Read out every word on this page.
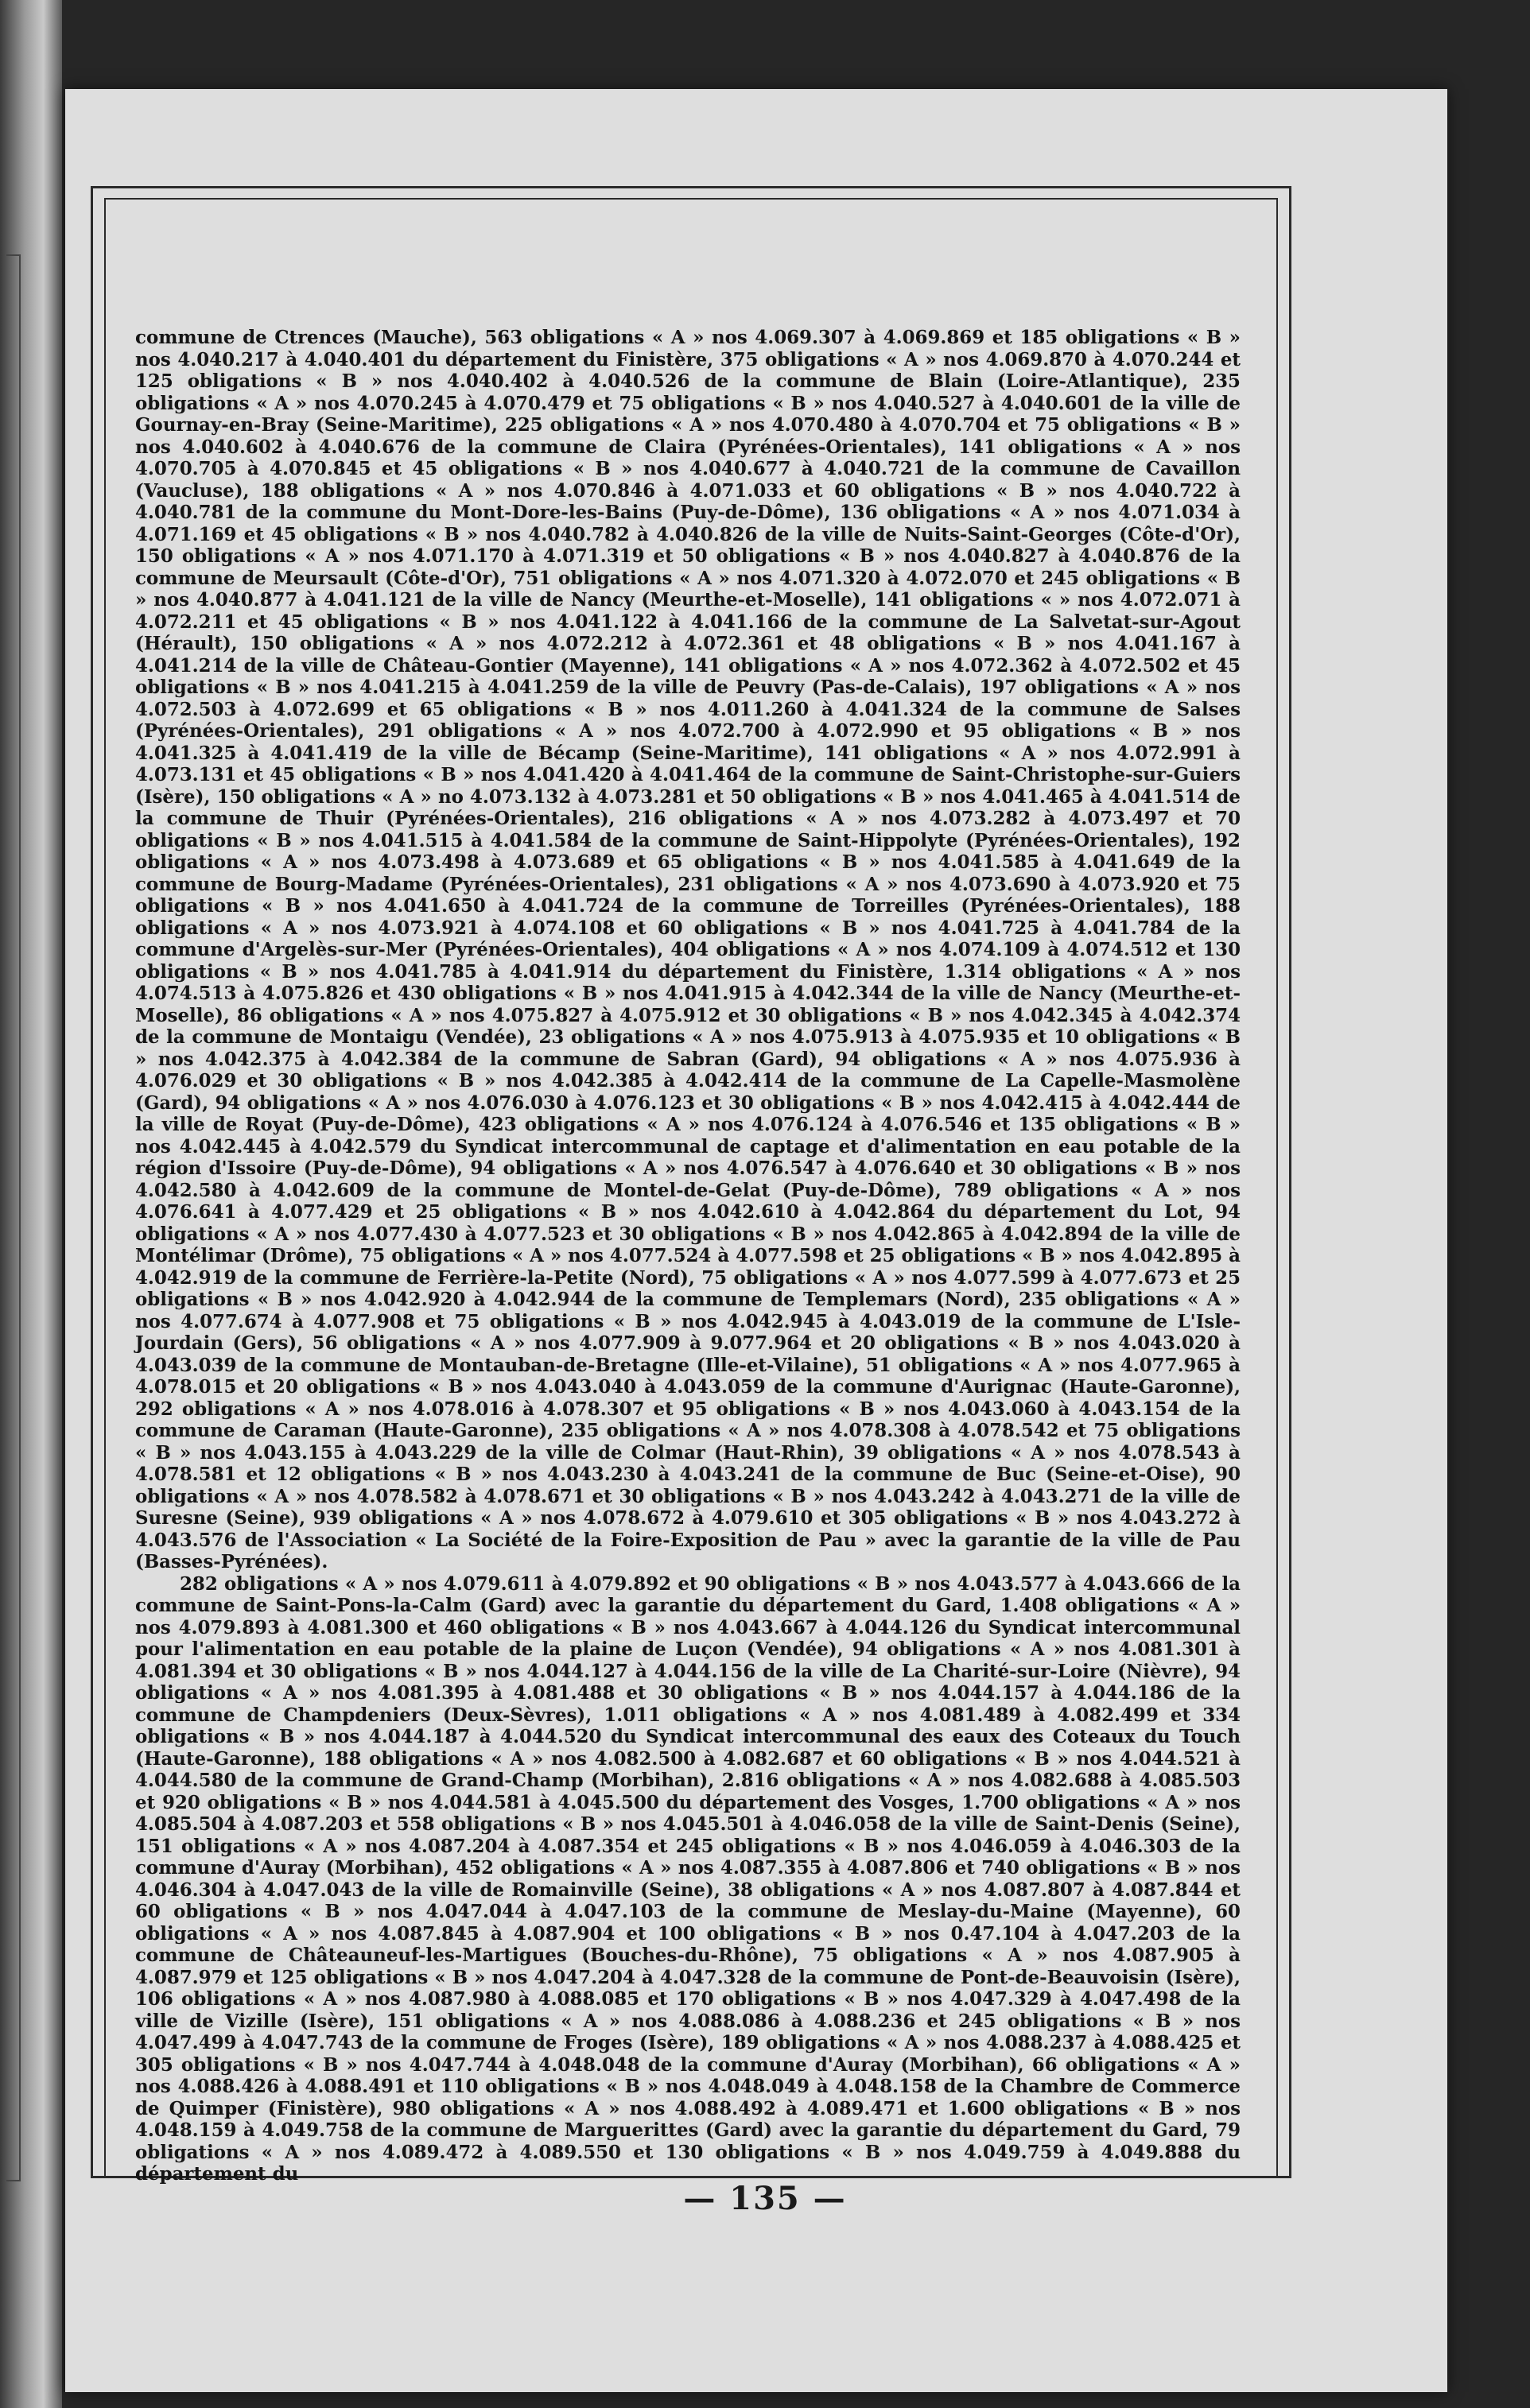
commune de Ctrences (Mauche), 563 obligations « A » nos 4.069.307 à 4.069.869 et 185 obligations « B » nos 4.040.217 à 4.040.401 du département du Finistère, 375 obligations « A » nos 4.069.870 à 4.070.244 et 125 obligations « B » nos 4.040.402 à 4.040.526 de la commune de Blain (Loire-Atlantique), 235 obligations « A » nos 4.070.245 à 4.070.479 et 75 obligations « B » nos 4.040.527 à 4.040.601 de la ville de Gournay-en-Bray (Seine-Maritime), 225 obligations « A » nos 4.070.480 à 4.070.704 et 75 obligations « B » nos 4.040.602 à 4.040.676 de la commune de Claira (Pyrénées-Orientales), 141 obligations « A » nos 4.070.705 à 4.070.845 et 45 obligations « B » nos 4.040.677 à 4.040.721 de la commune de Cavaillon (Vaucluse), 188 obligations « A » nos 4.070.846 à 4.071.033 et 60 obligations « B » nos 4.040.722 à 4.040.781 de la commune du Mont-Dore-les-Bains (Puy-de-Dôme), 136 obligations « A » nos 4.071.034 à 4.071.169 et 45 obligations « B » nos 4.040.782 à 4.040.826 de la ville de Nuits-Saint-Georges (Côte-d'Or), 150 obligations « A » nos 4.071.170 à 4.071.319 et 50 obligations « B » nos 4.040.827 à 4.040.876 de la commune de Meursault (Côte-d'Or), 751 obligations « A » nos 4.071.320 à 4.072.070 et 245 obligations « B » nos 4.040.877 à 4.041.121 de la ville de Nancy (Meurthe-et-Moselle), 141 obligations « » nos 4.072.071 à 4.072.211 et 45 obligations « B » nos 4.041.122 à 4.041.166 de la commune de La Salvetat-sur-Agout (Hérault), 150 obligations « A » nos 4.072.212 à 4.072.361 et 48 obligations « B » nos 4.041.167 à 4.041.214 de la ville de Château-Gontier (Mayenne), 141 obligations « A » nos 4.072.362 à 4.072.502 et 45 obligations « B » nos 4.041.215 à 4.041.259 de la ville de Peuvry (Pas-de-Calais), 197 obligations « A » nos 4.072.503 à 4.072.699 et 65 obligations « B » nos 4.011.260 à 4.041.324 de la commune de Salses (Pyrénées-Orientales), 291 obligations « A » nos 4.072.700 à 4.072.990 et 95 obligations « B » nos 4.041.325 à 4.041.419 de la ville de Bécamp (Seine-Maritime), 141 obligations « A » nos 4.072.991 à 4.073.131 et 45 obligations « B » nos 4.041.420 à 4.041.464 de la commune de Saint-Christophe-sur-Guiers (Isère), 150 obligations « A » no 4.073.132 à 4.073.281 et 50 obligations « B » nos 4.041.465 à 4.041.514 de la commune de Thuir (Pyrénées-Orientales), 216 obligations « A » nos 4.073.282 à 4.073.497 et 70 obligations « B » nos 4.041.515 à 4.041.584 de la commune de Saint-Hippolyte (Pyrénées-Orientales), 192 obligations « A » nos 4.073.498 à 4.073.689 et 65 obligations « B » nos 4.041.585 à 4.041.649 de la commune de Bourg-Madame (Pyrénées-Orientales), 231 obligations « A » nos 4.073.690 à 4.073.920 et 75 obligations « B » nos 4.041.650 à 4.041.724 de la commune de Torreilles (Pyrénées-Orientales), 188 obligations « A » nos 4.073.921 à 4.074.108 et 60 obligations « B » nos 4.041.725 à 4.041.784 de la commune d'Argelès-sur-Mer (Pyrénées-Orientales), 404 obligations « A » nos 4.074.109 à 4.074.512 et 130 obligations « B » nos 4.041.785 à 4.041.914 du département du Finistère, 1.314 obligations « A » nos 4.074.513 à 4.075.826 et 430 obligations « B » nos 4.041.915 à 4.042.344 de la ville de Nancy (Meurthe-et-Moselle), 86 obligations « A » nos 4.075.827 à 4.075.912 et 30 obligations « B » nos 4.042.345 à 4.042.374 de la commune de Montaigu (Vendée), 23 obligations « A » nos 4.075.913 à 4.075.935 et 10 obligations « B » nos 4.042.375 à 4.042.384 de la commune de Sabran (Gard), 94 obligations « A » nos 4.075.936 à 4.076.029 et 30 obligations « B » nos 4.042.385 à 4.042.414 de la commune de La Capelle-Masmolène (Gard), 94 obligations « A » nos 4.076.030 à 4.076.123 et 30 obligations « B » nos 4.042.415 à 4.042.444 de la ville de Royat (Puy-de-Dôme), 423 obligations « A » nos 4.076.124 à 4.076.546 et 135 obligations « B » nos 4.042.445 à 4.042.579 du Syndicat intercommunal de captage et d'alimentation en eau potable de la région d'Issoire (Puy-de-Dôme), 94 obligations « A » nos 4.076.547 à 4.076.640 et 30 obligations « B » nos 4.042.580 à 4.042.609 de la commune de Montel-de-Gelat (Puy-de-Dôme), 789 obligations « A » nos 4.076.641 à 4.077.429 et 25 obligations « B » nos 4.042.610 à 4.042.864 du département du Lot, 94 obligations « A » nos 4.077.430 à 4.077.523 et 30 obligations « B » nos 4.042.865 à 4.042.894 de la ville de Montélimar (Drôme), 75 obligations « A » nos 4.077.524 à 4.077.598 et 25 obligations « B » nos 4.042.895 à 4.042.919 de la commune de Ferrière-la-Petite (Nord), 75 obligations « A » nos 4.077.599 à 4.077.673 et 25 obligations « B » nos 4.042.920 à 4.042.944 de la commune de Templemars (Nord), 235 obligations « A » nos 4.077.674 à 4.077.908 et 75 obligations « B » nos 4.042.945 à 4.043.019 de la commune de L'Isle-Jourdain (Gers), 56 obligations « A » nos 4.077.909 à 9.077.964 et 20 obligations « B » nos 4.043.020 à 4.043.039 de la commune de Montauban-de-Bretagne (Ille-et-Vilaine), 51 obligations « A » nos 4.077.965 à 4.078.015 et 20 obligations « B » nos 4.043.040 à 4.043.059 de la commune d'Aurignac (Haute-Garonne), 292 obligations « A » nos 4.078.016 à 4.078.307 et 95 obligations « B » nos 4.043.060 à 4.043.154 de la commune de Caraman (Haute-Garonne), 235 obligations « A » nos 4.078.308 à 4.078.542 et 75 obligations « B » nos 4.043.155 à 4.043.229 de la ville de Colmar (Haut-Rhin), 39 obligations « A » nos 4.078.543 à 4.078.581 et 12 obligations « B » nos 4.043.230 à 4.043.241 de la commune de Buc (Seine-et-Oise), 90 obligations « A » nos 4.078.582 à 4.078.671 et 30 obligations « B » nos 4.043.242 à 4.043.271 de la ville de Suresne (Seine), 939 obligations « A » nos 4.078.672 à 4.079.610 et 305 obligations « B » nos 4.043.272 à 4.043.576 de l'Association « La Société de la Foire-Exposition de Pau » avec la garantie de la ville de Pau (Basses-Pyrénées).

282 obligations « A » nos 4.079.611 à 4.079.892 et 90 obligations « B » nos 4.043.577 à 4.043.666 de la commune de Saint-Pons-la-Calm (Gard) avec la garantie du département du Gard, 1.408 obligations « A » nos 4.079.893 à 4.081.300 et 460 obligations « B » nos 4.043.667 à 4.044.126 du Syndicat intercommunal pour l'alimentation en eau potable de la plaine de Luçon (Vendée), 94 obligations « A » nos 4.081.301 à 4.081.394 et 30 obligations « B » nos 4.044.127 à 4.044.156 de la ville de La Charité-sur-Loire (Nièvre), 94 obligations « A » nos 4.081.395 à 4.081.488 et 30 obligations « B » nos 4.044.157 à 4.044.186 de la commune de Champdeniers (Deux-Sèvres), 1.011 obligations « A » nos 4.081.489 à 4.082.499 et 334 obligations « B » nos 4.044.187 à 4.044.520 du Syndicat intercommunal des eaux des Coteaux du Touch (Haute-Garonne), 188 obligations « A » nos 4.082.500 à 4.082.687 et 60 obligations « B » nos 4.044.521 à 4.044.580 de la commune de Grand-Champ (Morbihan), 2.816 obligations « A » nos 4.082.688 à 4.085.503 et 920 obligations « B » nos 4.044.581 à 4.045.500 du département des Vosges, 1.700 obligations « A » nos 4.085.504 à 4.087.203 et 558 obligations « B » nos 4.045.501 à 4.046.058 de la ville de Saint-Denis (Seine), 151 obligations « A » nos 4.087.204 à 4.087.354 et 245 obligations « B » nos 4.046.059 à 4.046.303 de la commune d'Auray (Morbihan), 452 obligations « A » nos 4.087.355 à 4.087.806 et 740 obligations « B » nos 4.046.304 à 4.047.043 de la ville de Romainville (Seine), 38 obligations « A » nos 4.087.807 à 4.087.844 et 60 obligations « B » nos 4.047.044 à 4.047.103 de la commune de Meslay-du-Maine (Mayenne), 60 obligations « A » nos 4.087.845 à 4.087.904 et 100 obligations « B » nos 0.47.104 à 4.047.203 de la commune de Châteauneuf-les-Martigues (Bouches-du-Rhône), 75 obligations « A » nos 4.087.905 à 4.087.979 et 125 obligations « B » nos 4.047.204 à 4.047.328 de la commune de Pont-de-Beauvoisin (Isère), 106 obligations « A » nos 4.087.980 à 4.088.085 et 170 obligations « B » nos 4.047.329 à 4.047.498 de la ville de Vizille (Isère), 151 obligations « A » nos 4.088.086 à 4.088.236 et 245 obligations « B » nos 4.047.499 à 4.047.743 de la commune de Froges (Isère), 189 obligations « A » nos 4.088.237 à 4.088.425 et 305 obligations « B » nos 4.047.744 à 4.048.048 de la commune d'Auray (Morbihan), 66 obligations « A » nos 4.088.426 à 4.088.491 et 110 obligations « B » nos 4.048.049 à 4.048.158 de la Chambre de Commerce de Quimper (Finistère), 980 obligations « A » nos 4.088.492 à 4.089.471 et 1.600 obligations « B » nos 4.048.159 à 4.049.758 de la commune de Marguerittes (Gard) avec la garantie du département du Gard, 79 obligations « A » nos 4.089.472 à 4.089.550 et 130 obligations « B » nos 4.049.759 à 4.049.888 du département du

— 135 —
